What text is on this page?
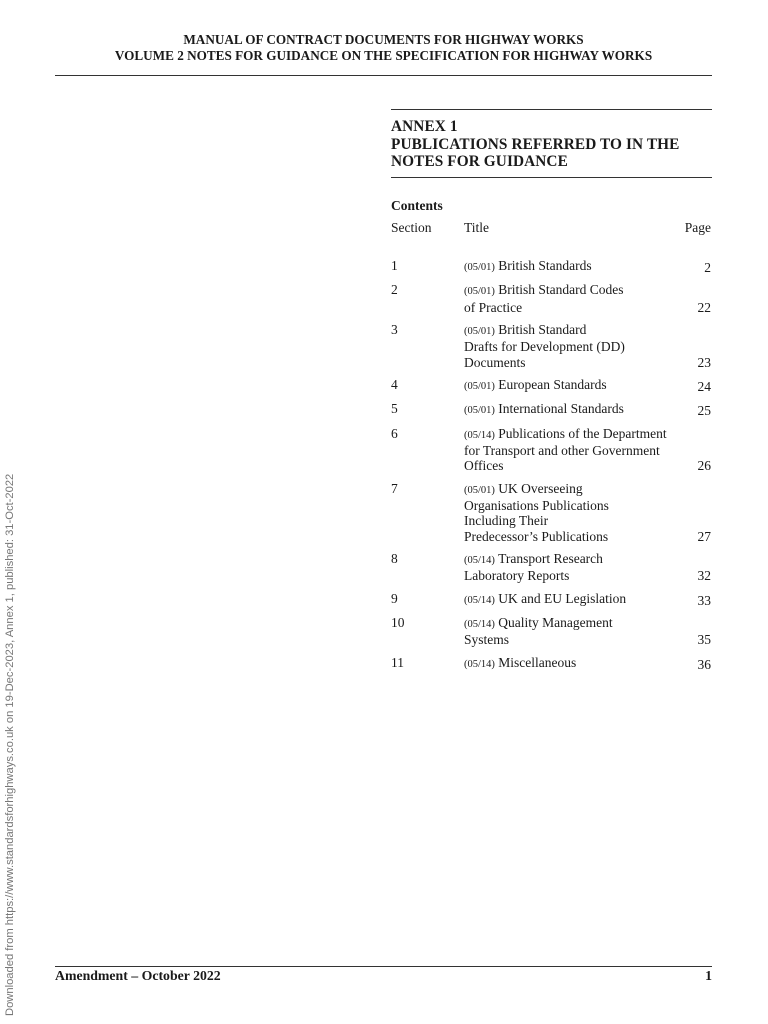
MANUAL OF CONTRACT DOCUMENTS FOR HIGHWAY WORKS
VOLUME 2 NOTES FOR GUIDANCE ON THE SPECIFICATION FOR HIGHWAY WORKS
ANNEX 1
PUBLICATIONS REFERRED TO IN THE
NOTES FOR GUIDANCE
Contents
Section	Title	Page
1	(05/01) British Standards	2
2	(05/01) British Standard Codes
of Practice	22
3	(05/01) British Standard
Drafts for Development (DD)
Documents	23
4	(05/01) European Standards	24
5	(05/01) International Standards	25
6	(05/14) Publications of the Department
for Transport and other Government
Offices	26
7	(05/01) UK Overseeing
Organisations Publications
Including Their
Predecessor’s Publications	27
8	(05/14) Transport Research
Laboratory Reports	32
9	(05/14) UK and EU Legislation	33
10	(05/14) Quality Management
Systems	35
11	(05/14) Miscellaneous	36
Amendment – October 2022	1
Downloaded from https://www.standardsforhighways.co.uk on 19-Dec-2023, Annex 1, published: 31-Oct-2022
